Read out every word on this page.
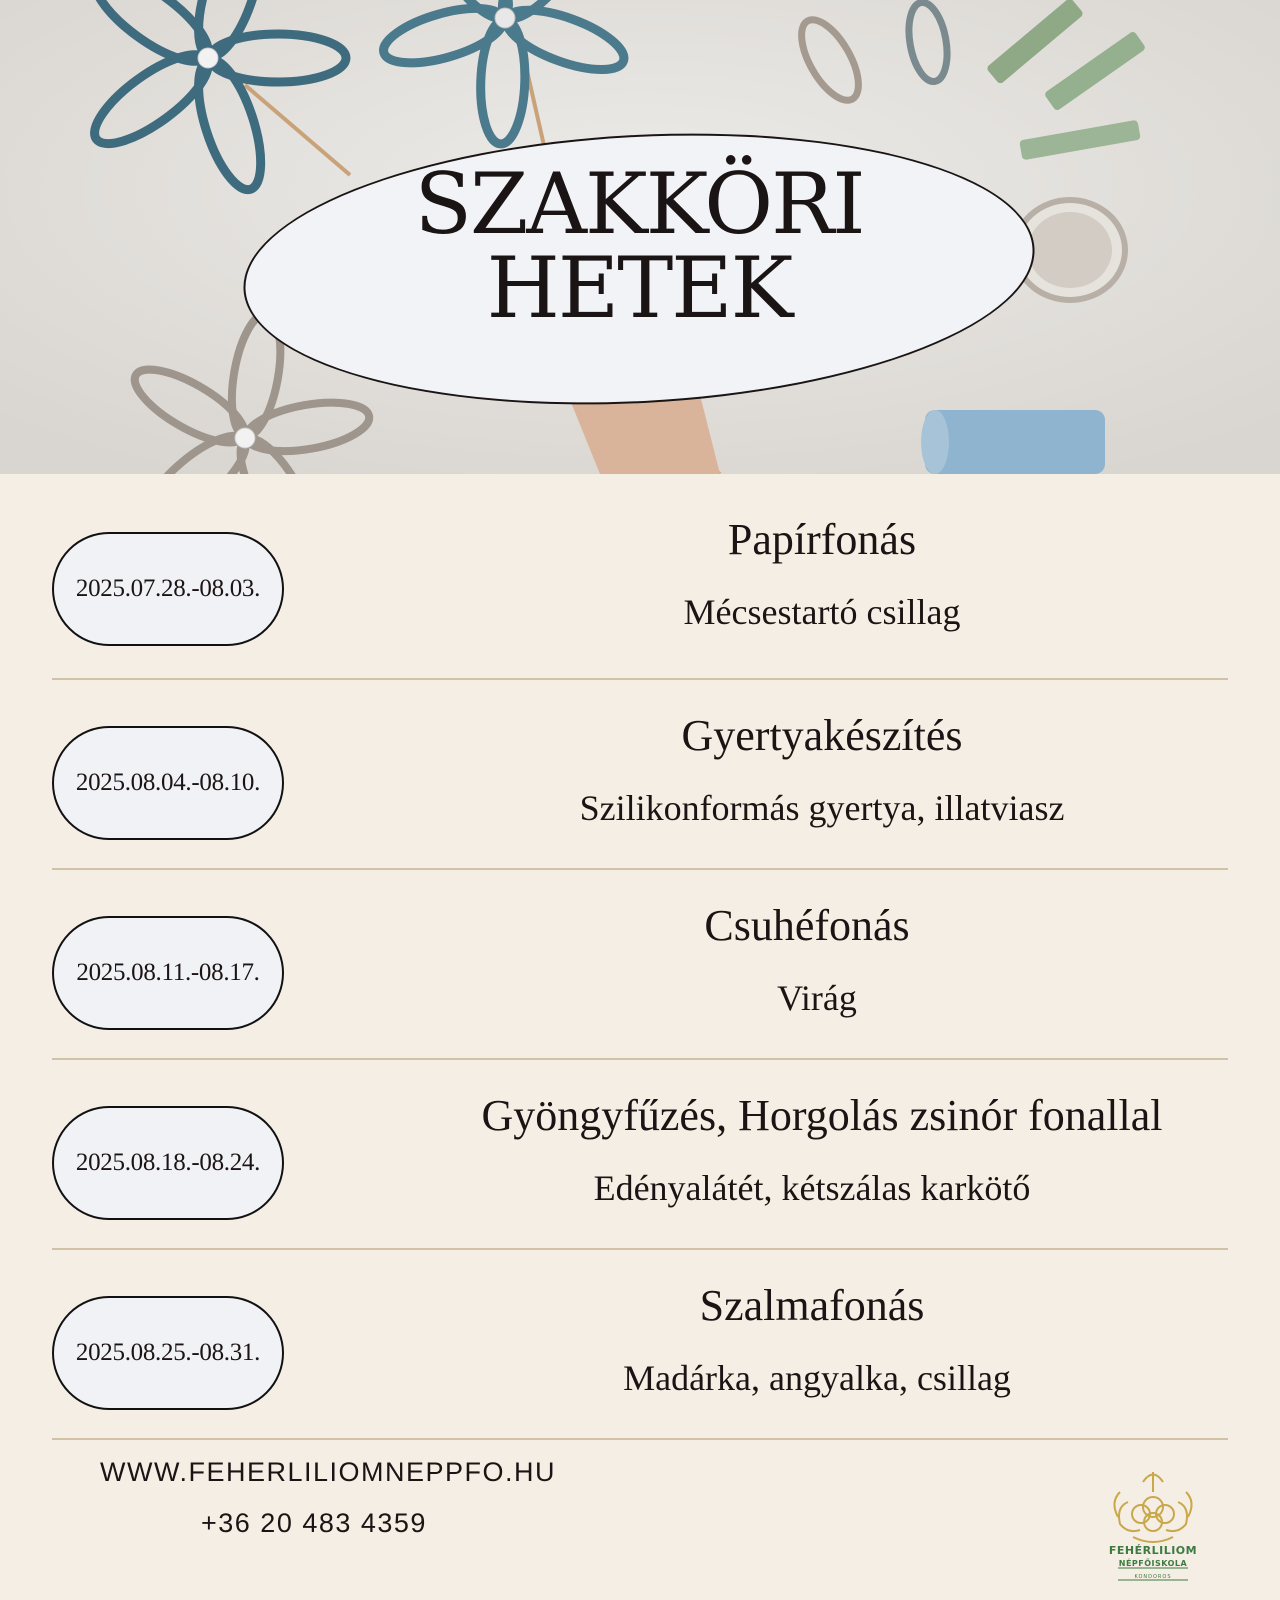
SZAKKÖRI
HETEK
2025.07.28.-08.03.
Papírfonás
Mécsestartó csillag
2025.08.04.-08.10.
Gyertyakészítés
Szilikonformás gyertya, illatviasz
2025.08.11.-08.17.
Csuhéfonás
Virág
2025.08.18.-08.24.
Gyöngyfűzés, Horgolás zsinór fonallal
Edényalátét, kétszálas karkötő
2025.08.25.-08.31.
Szalmafonás
Madárka, angyalka, csillag
WWW.FEHERLILIOMNEPPFO.HU
+36 20 483 4359
FEHÉRLILIOM
NÉPFŐISKOLA
KONDOROS
